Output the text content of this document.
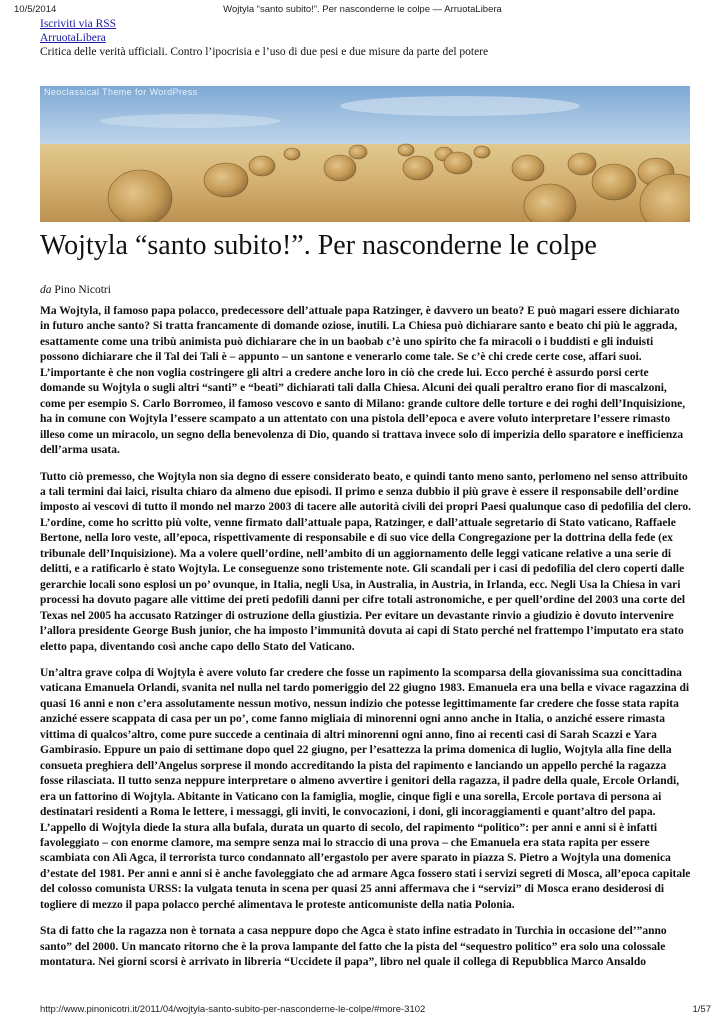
10/5/2014	Wojtyla “santo subito!”. Per nasconderne le colpe — ArruotaLibera
Iscriviti via RSS
ArruotaLibera
Critica delle verità ufficiali. Contro l’ipocrisia e l’uso di due pesi e due misure da parte del potere
Neoclassical Theme for WordPress
Wojtyla “santo subito!”. Per nasconderne le colpe
da Pino Nicotri

Ma Wojtyla, il famoso papa polacco, predecessore dell’attuale papa Ratzinger, è davvero un beato? E può magari essere dichiarato in futuro anche santo? Si tratta francamente di domande oziose, inutili. La Chiesa può dichiarare santo e beato chi più le aggrada, esattamente come una tribù animista può dichiarare che in un baobab c’è uno spirito che fa miracoli o i buddisti e gli induisti possono dichiarare che il Tal dei Tali è – appunto – un santone e venerarlo come tale. Se c’è chi crede certe cose, affari suoi. L’importante è che non voglia costringere gli altri a credere anche loro in ciò che crede lui. Ecco perché è assurdo porsi certe domande su Wojtyla o sugli altri “santi” e “beati” dichiarati tali dalla Chiesa. Alcuni dei quali peraltro erano fior di mascalzoni, come per esempio S. Carlo Borromeo, il famoso vescovo e santo di Milano: grande cultore delle torture e dei roghi dell’Inquisizione, ha in comune con Wojtyla l’essere scampato a un attentato con una pistola dell’epoca e avere voluto interpretare l’essere rimasto illeso come un miracolo, un segno della benevolenza di Dio, quando si trattava invece solo di imperizia dello sparatore e inefficienza dell’arma usata.

Tutto ciò premesso, che Wojtyla non sia degno di essere considerato beato, e quindi tanto meno santo, perlomeno nel senso attribuito a tali termini dai laici, risulta chiaro da almeno due episodi. Il primo e senza dubbio il più grave è essere il responsabile dell’ordine imposto ai vescovi di tutto il mondo nel marzo 2003 di tacere alle autorità civili dei propri Paesi qualunque caso di pedofilia del clero. L’ordine, come ho scritto più volte, venne firmato dall’attuale papa, Ratzinger, e dall’attuale segretario di Stato vaticano, Raffaele Bertone, nella loro veste, all’epoca, rispettivamente di responsabile e di suo vice della Congregazione per la dottrina della fede (ex tribunale dell’Inquisizione). Ma a volere quell’ordine, nell’ambito di un aggiornamento delle leggi vaticane relative a una serie di delitti, e a ratificarlo è stato Wojtyla. Le conseguenze sono tristemente note. Gli scandali per i casi di pedofilia del clero coperti dalle gerarchie locali sono esplosi un po’ ovunque, in Italia, negli Usa, in Australia, in Austria, in Irlanda, ecc. Negli Usa la Chiesa in vari processi ha dovuto pagare alle vittime dei preti pedofili danni per cifre totali astronomiche, e per quell’ordine del 2003 una corte del Texas nel 2005 ha accusato Ratzinger di ostruzione della giustizia. Per evitare un devastante rinvio a giudizio è dovuto intervenire l’allora presidente George Bush junior, che ha imposto l’immunità dovuta ai capi di Stato perché nel frattempo l’imputato era stato eletto papa, diventando così anche capo dello Stato del Vaticano.

Un’altra grave colpa di Wojtyla è avere voluto far credere che fosse un rapimento la scomparsa della giovanissima sua concittadina vaticana Emanuela Orlandi, svanita nel nulla nel tardo pomeriggio del 22 giugno 1983. Emanuela era una bella e vivace ragazzina di quasi 16 anni e non c’era assolutamente nessun motivo, nessun indizio che potesse legittimamente far credere che fosse stata rapita anziché essere scappata di casa per un po’, come fanno migliaia di minorenni ogni anno anche in Italia, o anziché essere rimasta vittima di qualcos’altro, come pure succede a centinaia di altri minorenni ogni anno, fino ai recenti casi di Sarah Scazzi e Yara Gambirasio. Eppure un paio di settimane dopo quel 22 giugno, per l’esattezza la prima domenica di luglio, Wojtyla alla fine della consueta preghiera dell’Angelus sorprese il mondo accreditando la pista del rapimento e lanciando un appello perché la ragazza fosse rilasciata. Il tutto senza neppure interpretare o almeno avvertire i genitori della ragazza, il padre della quale, Ercole Orlandi, era un fattorino di Wojtyla. Abitante in Vaticano con la famiglia, moglie, cinque figli e una sorella, Ercole portava di persona ai destinatari residenti a Roma le lettere, i messaggi, gli inviti, le convocazioni, i doni, gli incoraggiamenti e quant’altro del papa. L’appello di Wojtyla diede la stura alla bufala, durata un quarto di secolo, del rapimento “politico”: per anni e anni si è infatti favoleggiato – con enorme clamore, ma sempre senza mai lo straccio di una prova – che Emanuela era stata rapita per essere scambiata con Alì Agca, il terrorista turco condannato all’ergastolo per avere sparato in piazza S. Pietro a Wojtyla una domenica d’estate del 1981. Per anni e anni si è anche favoleggiato che ad armare Agca fossero stati i servizi segreti di Mosca, all’epoca capitale del colosso comunista URSS: la vulgata tenuta in scena per quasi 25 anni affermava che i “servizi” di Mosca erano desiderosi di togliere di mezzo il papa polacco perché alimentava le proteste anticomuniste della natia Polonia.

Sta di fatto che la ragazza non è tornata a casa neppure dopo che Agca è stato infine estradato in Turchia in occasione del’”anno santo” del 2000. Un mancato ritorno che è la prova lampante del fatto che la pista del “sequestro politico” era solo una colossale montatura. Nei giorni scorsi è arrivato in libreria “Uccidete il papa”, libro nel quale il collega di Repubblica Marco Ansaldo

http://www.pinonicotri.it/2011/04/wojtyla-santo-subito-per-nasconderne-le-colpe/#more-3102	1/57
